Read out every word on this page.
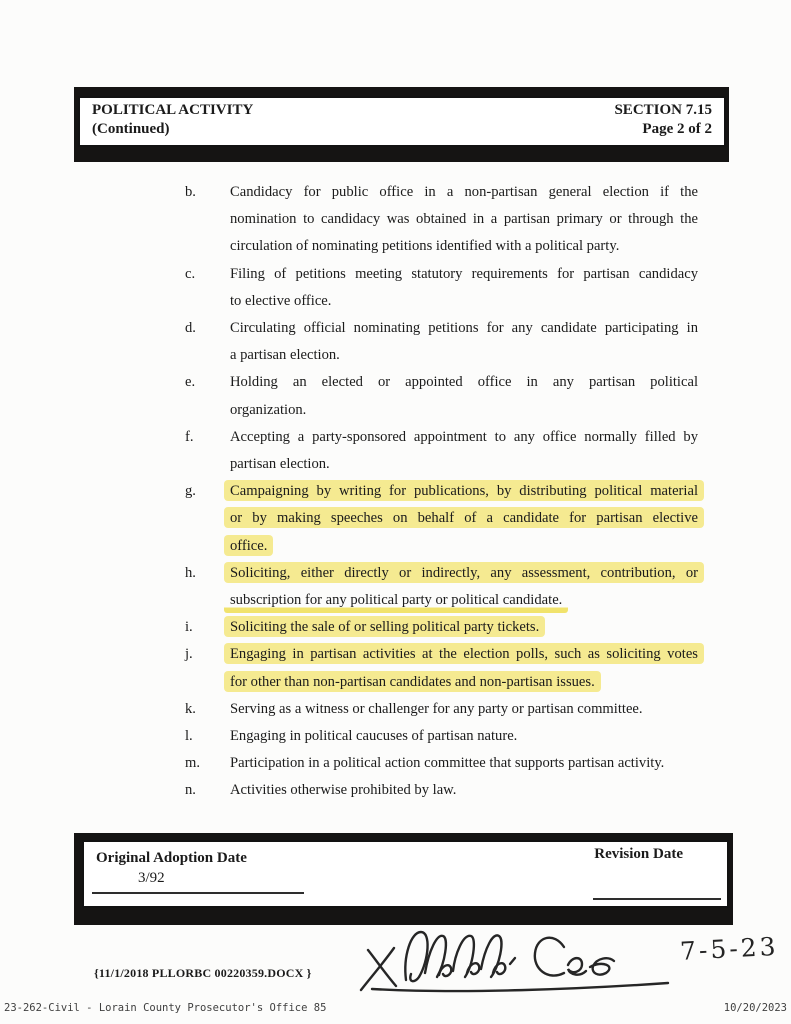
POLITICAL ACTIVITY
(Continued)
SECTION 7.15
Page 2 of 2
b.	Candidacy for public office in a non-partisan general election if the
nomination to candidacy was obtained in a partisan primary or through the
circulation of nominating petitions identified with a political party.
c.	Filing of petitions meeting statutory requirements for partisan candidacy
to elective office.
d.	Circulating official nominating petitions for any candidate participating in
a partisan election.
e.	Holding an elected or appointed office in any partisan political
organization.
f.	Accepting a party-sponsored appointment to any office normally filled by
partisan election.
g.	Campaigning by writing for publications, by distributing political material
or by making speeches on behalf of a candidate for partisan elective
office.
h.	Soliciting, either directly or indirectly, any assessment, contribution, or
subscription for any political party or political candidate.
i.	Soliciting the sale of or selling political party tickets.
j.	Engaging in partisan activities at the election polls, such as soliciting votes
for other than non-partisan candidates and non-partisan issues.
k.	Serving as a witness or challenger for any party or partisan committee.
l.	Engaging in political caucuses of partisan nature.
m.	Participation in a political action committee that supports partisan activity.
n.	Activities otherwise prohibited by law.
Original Adoption Date	Revision Date
3/92
{11/1/2018 PLLORBC 00220359.DOCX }
7-5-23
23-262-Civil - Lorain County Prosecutor's Office 85	10/20/2023
